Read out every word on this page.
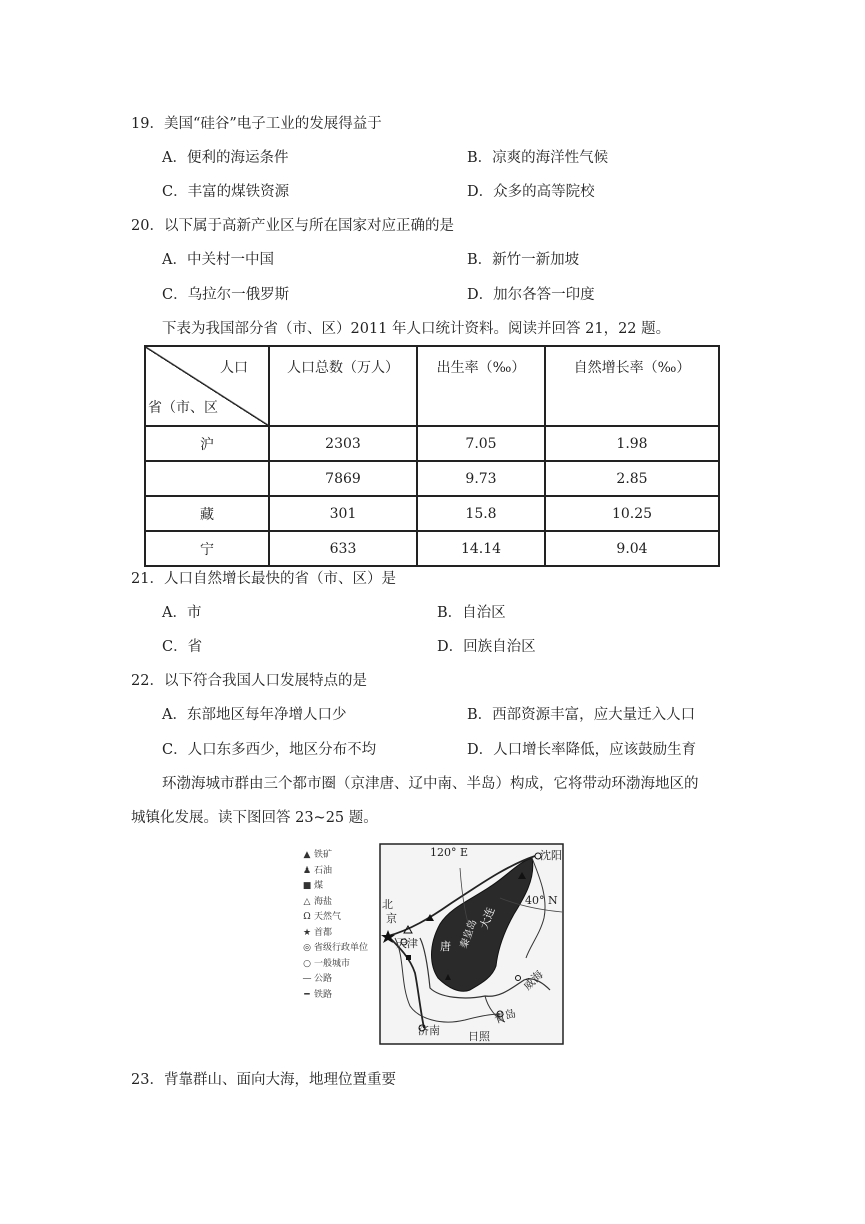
19．美国“硅谷”电子工业的发展得益于
A．便利的海运条件	B．凉爽的海洋性气候
C．丰富的煤铁资源	D．众多的高等院校
20．以下属于高新产业区与所在国家对应正确的是
A．中关村一中国	B．新竹一新加坡
C．乌拉尔一俄罗斯	D．加尔各答一印度
下表为我国部分省（市、区）2011 年人口统计资料。阅读并回答 21，22 题。
人口
省（市、区	人口总数（万人）	出生率（‰）	自然增长率（‰）
沪	2303	7.05	1.98
	7869	9.73	2.85
藏	301	15.8	10.25
宁	633	14.14	9.04
21．人口自然增长最快的省（市、区）是
A．市	B．自治区
C．省	D．回族自治区
22．以下符合我国人口发展特点的是
A．东部地区每年净增人口少	B．西部资源丰富，应大量迁入人口
C．人口东多西少，地区分布不均	D．人口增长率降低，应该鼓励生育
环渤海城市群由三个都市圈（京津唐、辽中南、半岛）构成，它将带动环渤海地区的
城镇化发展。读下图回答 23~25 题。
▲ 铁矿
♟ 石油
■ 煤
△ 海盐
Ω 天然气
★ 首都
◎ 省级行政单位
○ 一般城市
— 公路
━ 铁路
120° E	沈阳
北
京
40° N
天津 唐 秦皇岛
大连
威海
济南
青岛
日照
23．背靠群山、面向大海，地理位置重要
